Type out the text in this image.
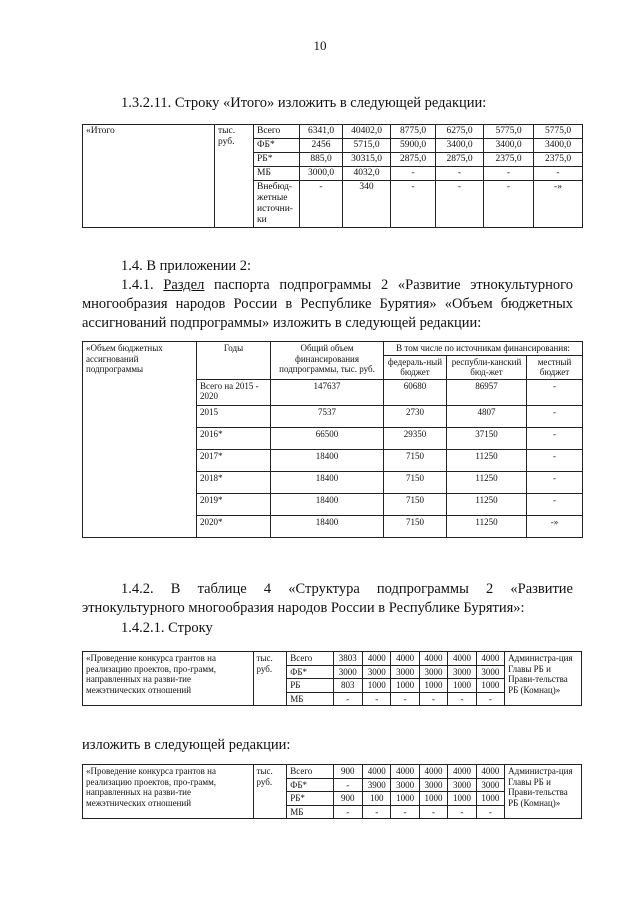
10
1.3.2.11. Строку «Итого» изложить в следующей редакции:
«Итого	тыс. руб.	Всего	6341,0	40402,0	8775,0	6275,0	5775,0	5775,0
		ФБ*	2456	5715,0	5900,0	3400,0	3400,0	3400,0
		РБ*	885,0	30315,0	2875,0	2875,0	2375,0	2375,0
		МБ	3000,0	4032,0	-	-	-	-
		Внебюд-жетные источни-ки	-	340	-	-	-	-»
1.4. В приложении 2:
1.4.1. Раздел паспорта подпрограммы 2 «Развитие этнокультурного
многообразия народов России в Республике Бурятия» «Объем бюджетных
ассигнований подпрограммы» изложить в следующей редакции:
«Объем бюджетных ассигнований подпрограммы	Годы	Общий объем финансирования подпрограммы, тыс. руб.	В том числе по источникам финансирования:		
			федераль-ный бюджет	республи-канский бюд-жет	местный бюджет
	Всего на 2015 - 2020	147637	60680	86957	-
	2015	7537	2730	4807	-
	2016*	66500	29350	37150	-
	2017*	18400	7150	11250	-
	2018*	18400	7150	11250	-
	2019*	18400	7150	11250	-
	2020*	18400	7150	11250	-»
1.4.2. В таблице 4 «Структура подпрограммы 2 «Развитие
этнокультурного многообразия народов России в Республике Бурятия»:
1.4.2.1. Строку
«Проведение конкурса грантов на реализацию проектов, про-грамм, направленных на разви-тие межэтнических отношений	тыс. руб.	Всего	3803	4000	4000	4000	4000	4000	Администра-ция Главы РБ и Прави-тельства РБ (Комнац)»
		ФБ*	3000	3000	3000	3000	3000	3000	
		РБ	803	1000	1000	1000	1000	1000	
		МБ	-	-	-	-	-	-	
изложить в следующей редакции:
«Проведение конкурса грантов на реализацию проектов, про-грамм, направленных на разви-тие межэтнических отношений	тыс. руб.	Всего	900	4000	4000	4000	4000	4000	Администра-ция Главы РБ и Прави-тельства РБ (Комнац)»
		ФБ*	-	3900	3000	3000	3000	3000	
		РБ*	900	100	1000	1000	1000	1000	
		МБ	-	-	-	-	-	-	
